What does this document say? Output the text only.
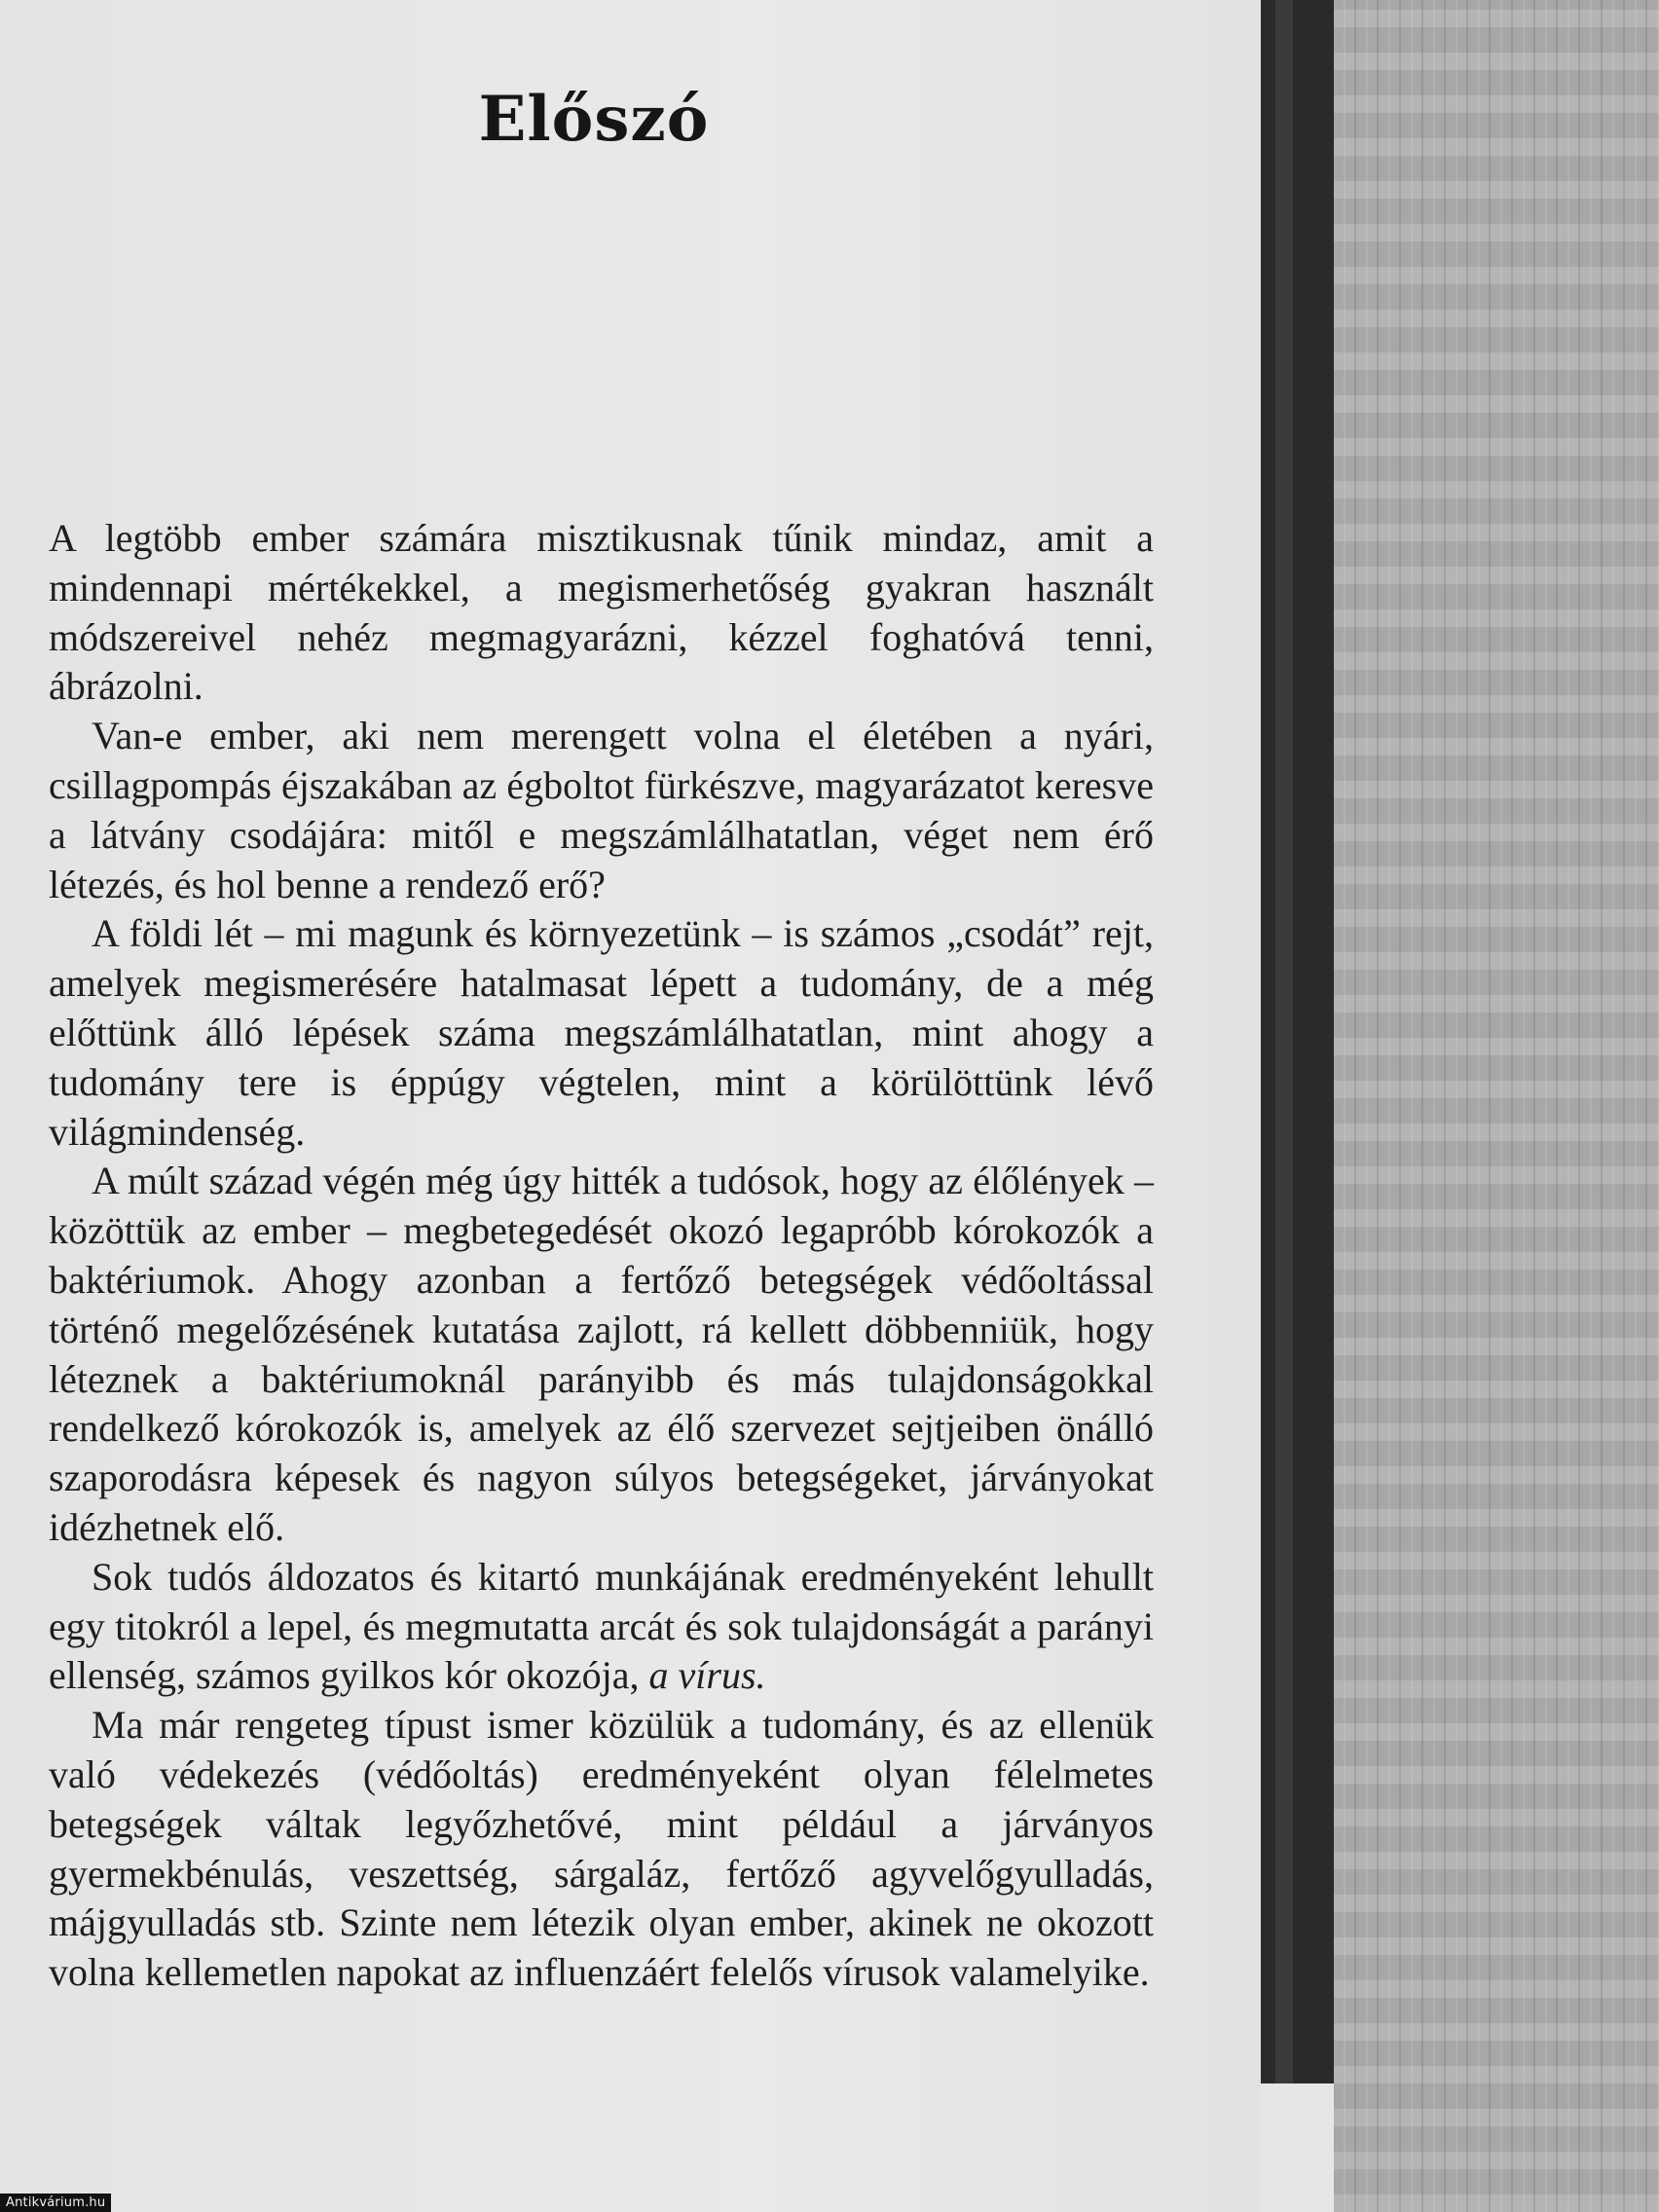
Előszó

A legtöbb ember számára misztikusnak tűnik mindaz, amit a mindennapi mértékekkel, a megismerhetőség gyakran használt módszereivel nehéz megmagyarázni, kézzel foghatóvá tenni, ábrázolni.

Van-e ember, aki nem merengett volna el életében a nyári, csillagpompás éjszakában az égboltot fürkészve, magyarázatot keresve a látvány csodájára: mitől e megszámlálhatatlan, véget nem érő létezés, és hol benne a rendező erő?

A földi lét – mi magunk és környezetünk – is számos „csodát” rejt, amelyek megismerésére hatalmasat lépett a tudomány, de a még előttünk álló lépések száma megszámlálhatatlan, mint ahogy a tudomány tere is éppúgy végtelen, mint a körülöttünk lévő világmindenség.

A múlt század végén még úgy hitték a tudósok, hogy az élőlények – közöttük az ember – megbetegedését okozó legapróbb kórokozók a baktériumok. Ahogy azonban a fertőző betegségek védőoltással történő megelőzésének kutatása zajlott, rá kellett döbbenniük, hogy léteznek a baktériumoknál parányibb és más tulajdonságokkal rendelkező kórokozók is, amelyek az élő szervezet sejtjeiben önálló szaporodásra képesek és nagyon súlyos betegségeket, járványokat idézhetnek elő.

Sok tudós áldozatos és kitartó munkájának eredményeként lehullt egy titokról a lepel, és megmutatta arcát és sok tulajdonságát a parányi ellenség, számos gyilkos kór okozója, a vírus.

Ma már rengeteg típust ismer közülük a tudomány, és az ellenük való védekezés (védőoltás) eredményeként olyan félelmetes betegségek váltak legyőzhetővé, mint például a járványos gyermekbénulás, veszettség, sárgaláz, fertőző agyvelőgyulladás, májgyulladás stb. Szinte nem létezik olyan ember, akinek ne okozott volna kellemetlen napokat az influenzáért felelős vírusok valamelyike.

Antikvárium.hu
